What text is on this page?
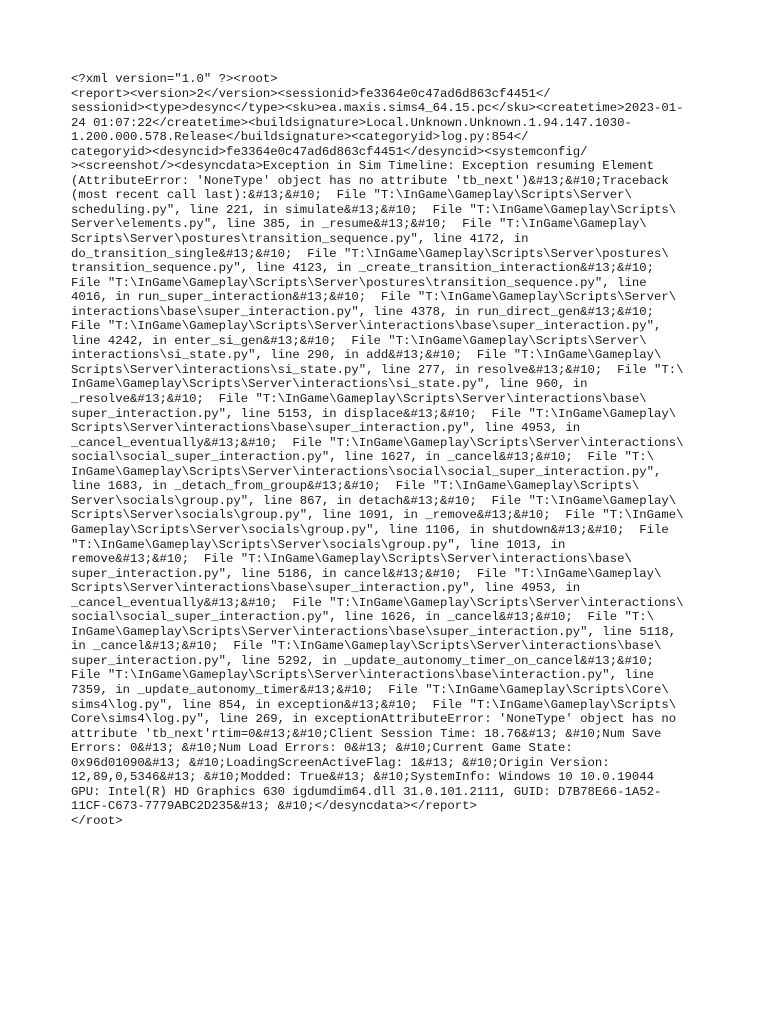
<?xml version="1.0" ?><root>
<report><version>2</version><sessionid>fe3364e0c47ad6d863cf4451</
sessionid><type>desync</type><sku>ea.maxis.sims4_64.15.pc</sku><createtime>2023-01-
24 01:07:22</createtime><buildsignature>Local.Unknown.Unknown.1.94.147.1030-
1.200.000.578.Release</buildsignature><categoryid>log.py:854</
categoryid><desyncid>fe3364e0c47ad6d863cf4451</desyncid><systemconfig/
><screenshot/><desyncdata>Exception in Sim Timeline: Exception resuming Element
(AttributeError: 'NoneType' object has no attribute 'tb_next')&#13;&#10;Traceback
(most recent call last):&#13;&#10;  File "T:\InGame\Gameplay\Scripts\Server\
scheduling.py", line 221, in simulate&#13;&#10;  File "T:\InGame\Gameplay\Scripts\
Server\elements.py", line 385, in _resume&#13;&#10;  File "T:\InGame\Gameplay\
Scripts\Server\postures\transition_sequence.py", line 4172, in
do_transition_single&#13;&#10;  File "T:\InGame\Gameplay\Scripts\Server\postures\
transition_sequence.py", line 4123, in _create_transition_interaction&#13;&#10;
File "T:\InGame\Gameplay\Scripts\Server\postures\transition_sequence.py", line
4016, in run_super_interaction&#13;&#10;  File "T:\InGame\Gameplay\Scripts\Server\
interactions\base\super_interaction.py", line 4378, in run_direct_gen&#13;&#10;
File "T:\InGame\Gameplay\Scripts\Server\interactions\base\super_interaction.py",
line 4242, in enter_si_gen&#13;&#10;  File "T:\InGame\Gameplay\Scripts\Server\
interactions\si_state.py", line 290, in add&#13;&#10;  File "T:\InGame\Gameplay\
Scripts\Server\interactions\si_state.py", line 277, in resolve&#13;&#10;  File "T:\
InGame\Gameplay\Scripts\Server\interactions\si_state.py", line 960, in
_resolve&#13;&#10;  File "T:\InGame\Gameplay\Scripts\Server\interactions\base\
super_interaction.py", line 5153, in displace&#13;&#10;  File "T:\InGame\Gameplay\
Scripts\Server\interactions\base\super_interaction.py", line 4953, in
_cancel_eventually&#13;&#10;  File "T:\InGame\Gameplay\Scripts\Server\interactions\
social\social_super_interaction.py", line 1627, in _cancel&#13;&#10;  File "T:\
InGame\Gameplay\Scripts\Server\interactions\social\social_super_interaction.py",
line 1683, in _detach_from_group&#13;&#10;  File "T:\InGame\Gameplay\Scripts\
Server\socials\group.py", line 867, in detach&#13;&#10;  File "T:\InGame\Gameplay\
Scripts\Server\socials\group.py", line 1091, in _remove&#13;&#10;  File "T:\InGame\
Gameplay\Scripts\Server\socials\group.py", line 1106, in shutdown&#13;&#10;  File
"T:\InGame\Gameplay\Scripts\Server\socials\group.py", line 1013, in
remove&#13;&#10;  File "T:\InGame\Gameplay\Scripts\Server\interactions\base\
super_interaction.py", line 5186, in cancel&#13;&#10;  File "T:\InGame\Gameplay\
Scripts\Server\interactions\base\super_interaction.py", line 4953, in
_cancel_eventually&#13;&#10;  File "T:\InGame\Gameplay\Scripts\Server\interactions\
social\social_super_interaction.py", line 1626, in _cancel&#13;&#10;  File "T:\
InGame\Gameplay\Scripts\Server\interactions\base\super_interaction.py", line 5118,
in _cancel&#13;&#10;  File "T:\InGame\Gameplay\Scripts\Server\interactions\base\
super_interaction.py", line 5292, in _update_autonomy_timer_on_cancel&#13;&#10;
File "T:\InGame\Gameplay\Scripts\Server\interactions\base\interaction.py", line
7359, in _update_autonomy_timer&#13;&#10;  File "T:\InGame\Gameplay\Scripts\Core\
sims4\log.py", line 854, in exception&#13;&#10;  File "T:\InGame\Gameplay\Scripts\
Core\sims4\log.py", line 269, in exceptionAttributeError: 'NoneType' object has no
attribute 'tb_next'rtim=0&#13;&#10;Client Session Time: 18.76&#13; &#10;Num Save
Errors: 0&#13; &#10;Num Load Errors: 0&#13; &#10;Current Game State:
0x96d01090&#13; &#10;LoadingScreenActiveFlag: 1&#13; &#10;Origin Version:
12,89,0,5346&#13; &#10;Modded: True&#13; &#10;SystemInfo: Windows 10 10.0.19044
GPU: Intel(R) HD Graphics 630 igdumdim64.dll 31.0.101.2111, GUID: D7B78E66-1A52-
11CF-C673-7779ABC2D235&#13; &#10;</desyncdata></report>
</root>
